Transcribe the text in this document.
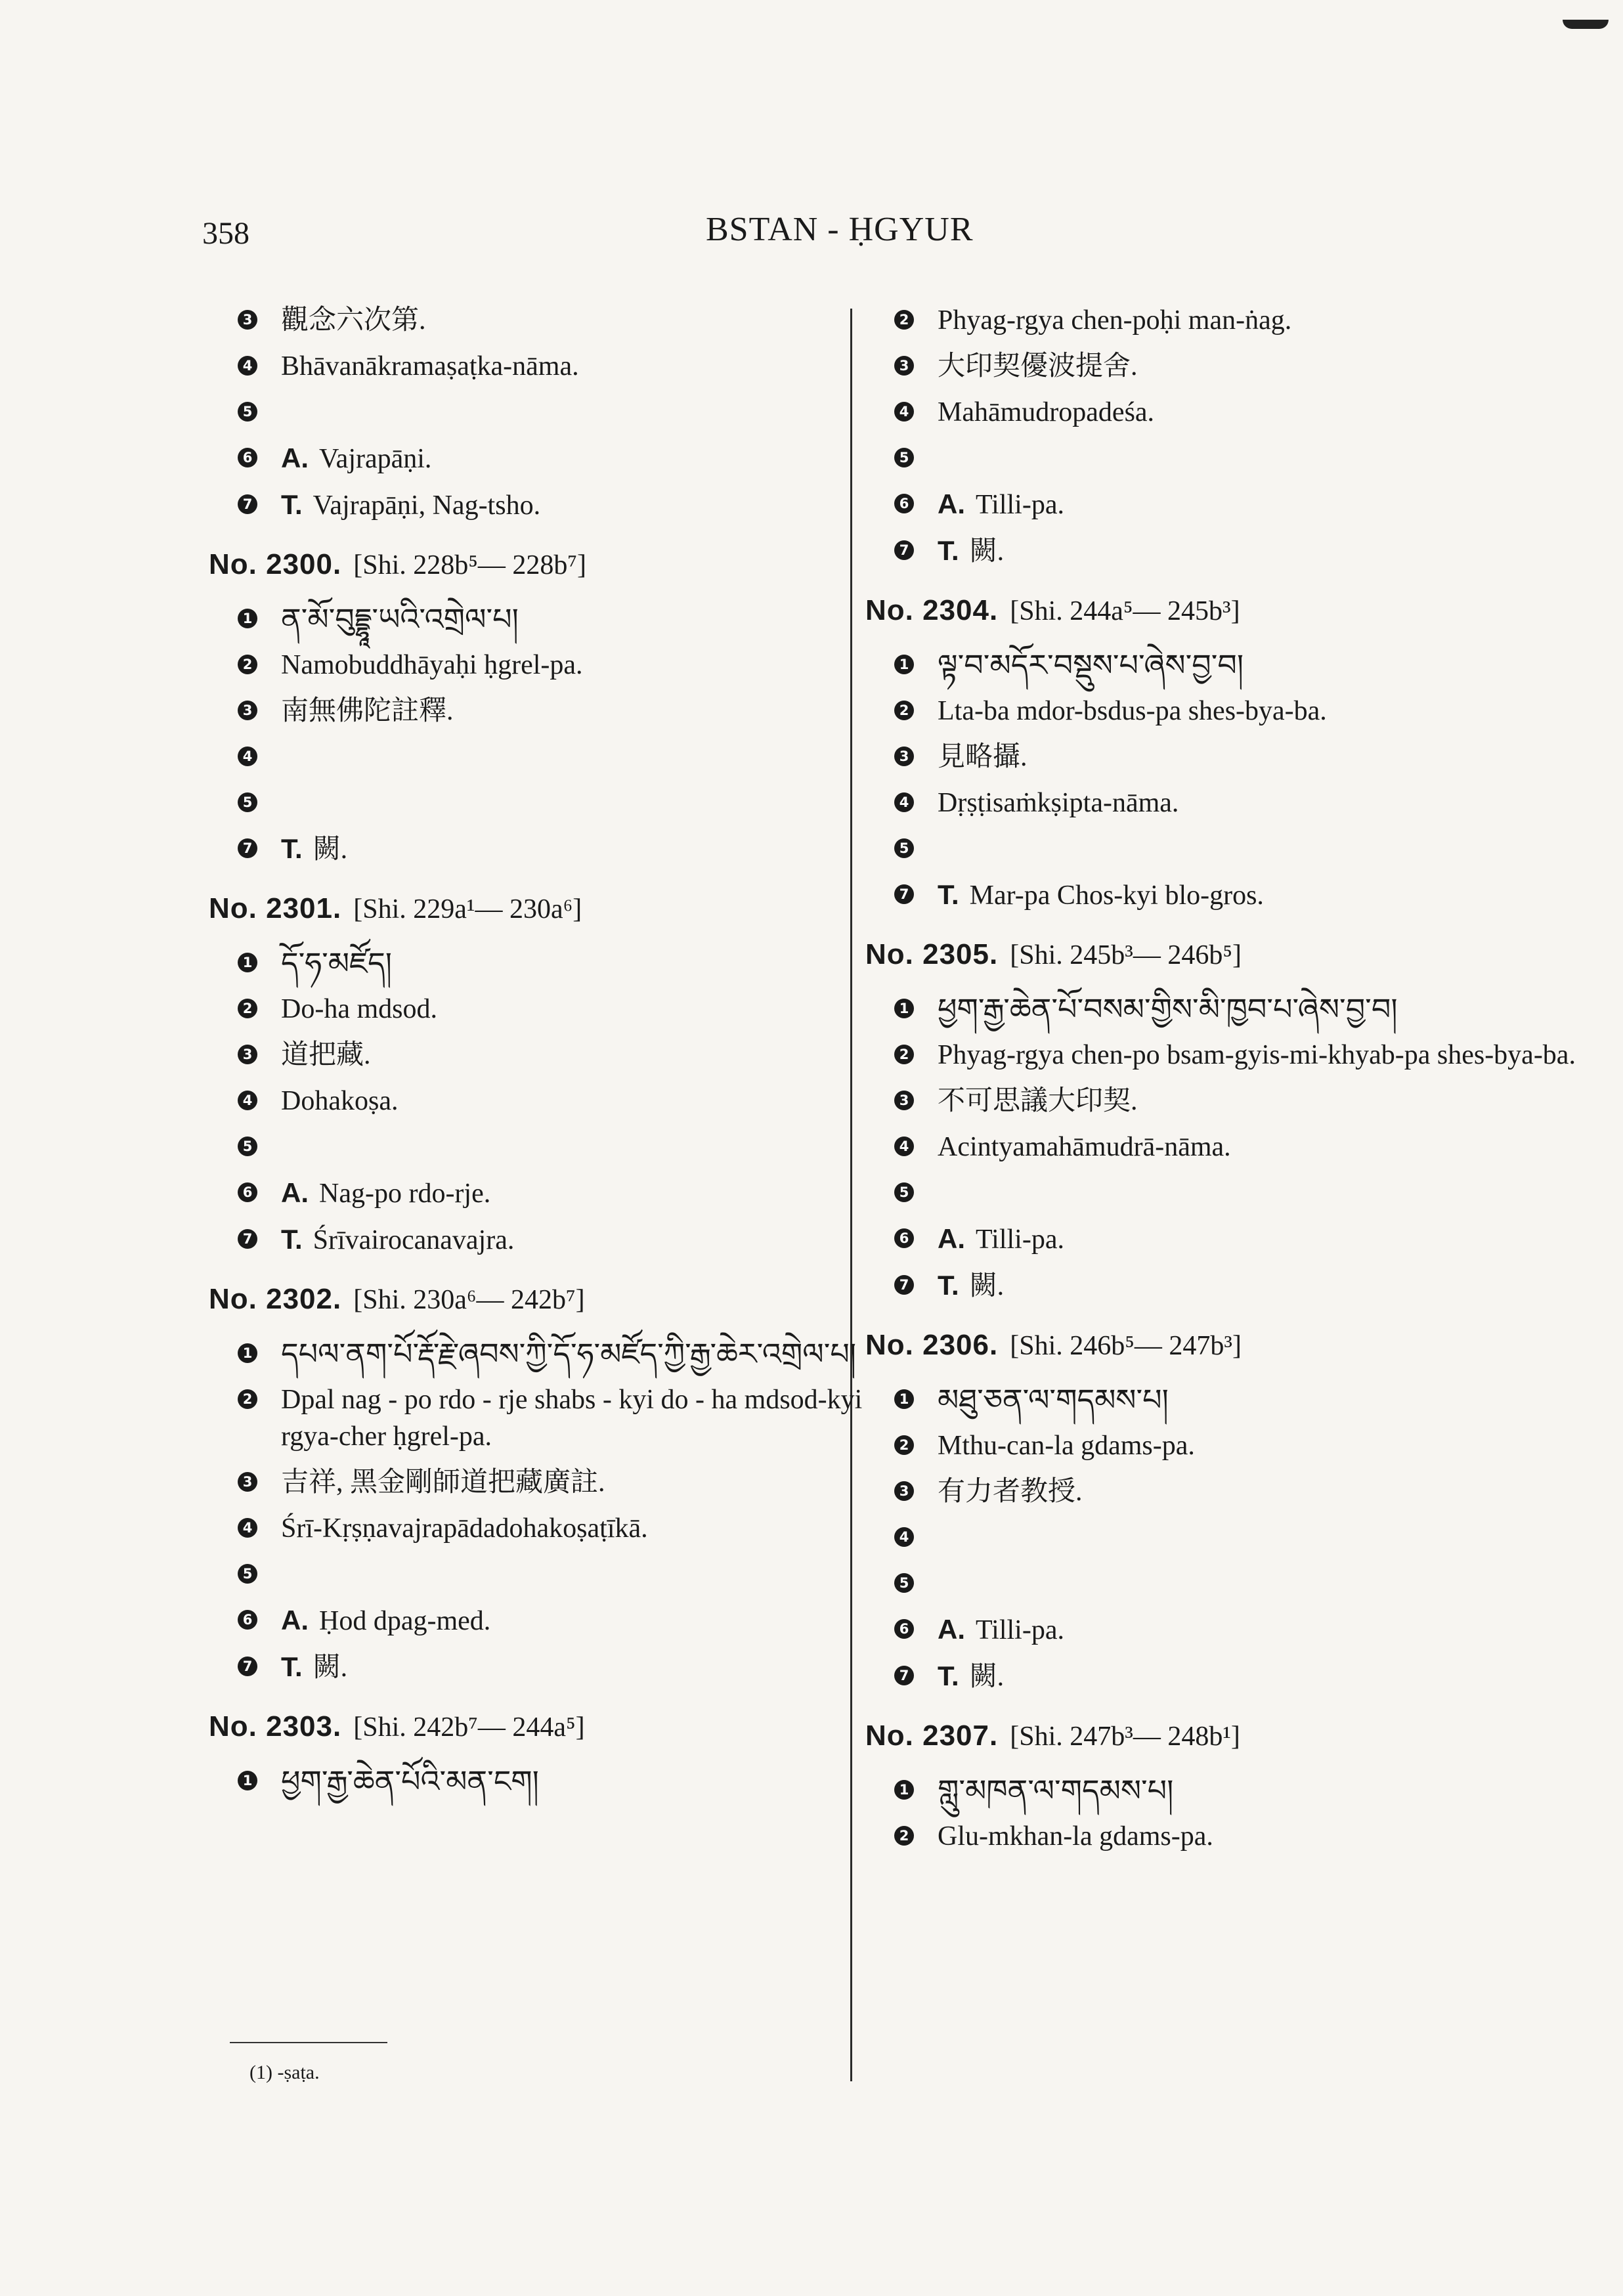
358	BSTAN - ḤGYUR
3 觀念六次第.
4 Bhāvanākramaṣaṭka-nāma.
5
6 A. Vajrapāṇi.
7 T. Vajrapāṇi, Nag-tsho.
No. 2300. [Shi. 228b⁵— 228b⁷]
1 ན་མོ་བུདྡྷཱ་ཡའི་འགྲེལ་པ།
2 Namobuddhāyaḥi ḥgrel-pa.
3 南無佛陀註釋.
4
5
7 T. 闕.
No. 2301. [Shi. 229a¹— 230a⁶]
1 དོ་ཧ་མཛོད།
2 Do-ha mdsod.
3 道把藏.
4 Dohakoṣa.
5
6 A. Nag-po rdo-rje.
7 T. Śrīvairocanavajra.
No. 2302. [Shi. 230a⁶— 242b⁷]
1 དཔལ་ནག་པོ་རྡོ་རྗེ་ཞབས་ཀྱི་དོ་ཧ་མཛོད་ཀྱི་རྒྱ་ཆེར་འགྲེལ་པ།
2 Dpal nag - po rdo - rje shabs - kyi do - ha mdsod-kyi rgya-cher ḥgrel-pa.
3 吉祥, 黑金剛師道把藏廣註.
4 Śrī-Kṛṣṇavajrapādadohakoṣaṭīkā.
5
6 A. Ḥod dpag-med.
7 T. 闕.
No. 2303. [Shi. 242b⁷— 244a⁵]
1 ཕྱག་རྒྱ་ཆེན་པོའི་མན་ངག།
2 Phyag-rgya chen-poḥi man-ṅag.
3 大印契優波提舍.
4 Mahāmudropadeśa.
5
6 A. Tilli-pa.
7 T. 闕.
No. 2304. [Shi. 244a⁵— 245b³]
1 ལྟ་བ་མདོར་བསྡུས་པ་ཞེས་བྱ་བ།
2 Lta-ba mdor-bsdus-pa shes-bya-ba.
3 見略攝.
4 Dṛṣṭisaṁkṣipta-nāma.
5
7 T. Mar-pa Chos-kyi blo-gros.
No. 2305. [Shi. 245b³— 246b⁵]
1 ཕྱག་རྒྱ་ཆེན་པོ་བསམ་གྱིས་མི་ཁྱབ་པ་ཞེས་བྱ་བ།
2 Phyag-rgya chen-po bsam-gyis-mi-khyab-pa shes-bya-ba.
3 不可思議大印契.
4 Acintyamahāmudrā-nāma.
5
6 A. Tilli-pa.
7 T. 闕.
No. 2306. [Shi. 246b⁵— 247b³]
1 མཐུ་ཅན་ལ་གདམས་པ།
2 Mthu-can-la gdams-pa.
3 有力者教授.
4
5
6 A. Tilli-pa.
7 T. 闕.
No. 2307. [Shi. 247b³— 248b¹]
1 གླུ་མཁན་ལ་གདམས་པ།
2 Glu-mkhan-la gdams-pa.
(1) -ṣaṭa.
